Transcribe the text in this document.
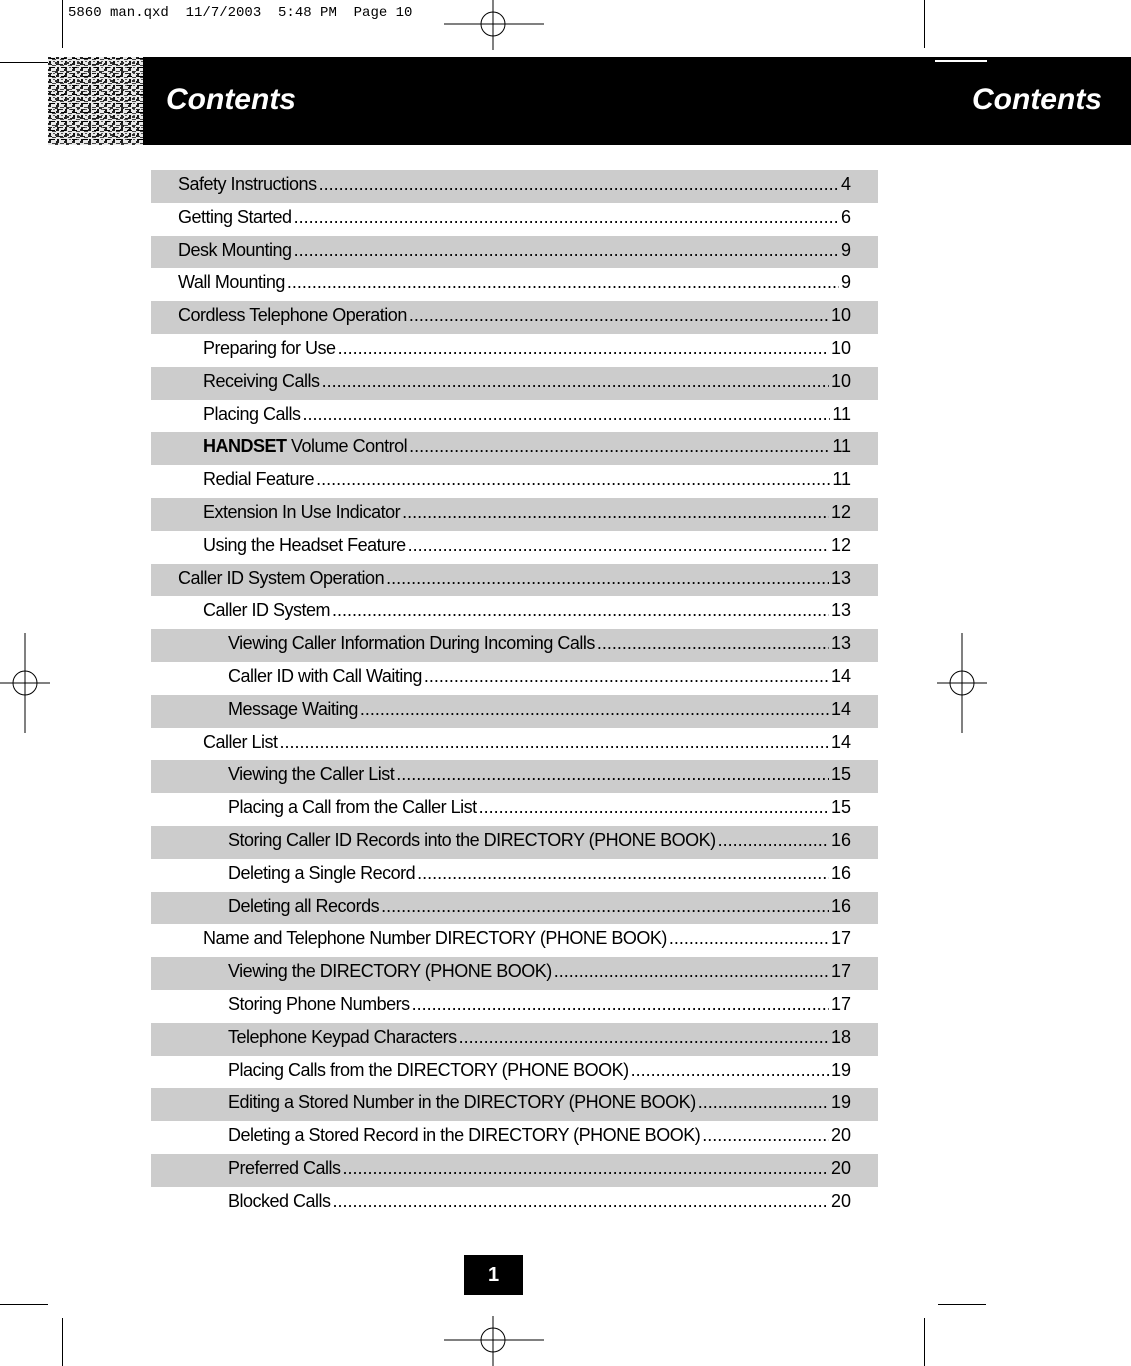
5860 man.qxd  11/7/2003  5:48 PM  Page 10
Contents	Contents
Safety Instructions .....	4
Getting Started .....	6
Desk Mounting .....	9
Wall Mounting .....	9
Cordless Telephone Operation .....	10
Preparing for Use .....	10
Receiving Calls .....	10
Placing Calls .....	11
HANDSET Volume Control .....	11
Redial Feature .....	11
Extension In Use Indicator .....	12
Using the Headset Feature .....	12
Caller ID System Operation .....	13
Caller ID System .....	13
Viewing Caller Information During Incoming Calls .....	13
Caller ID with Call Waiting .....	14
Message Waiting .....	14
Caller List .....	14
Viewing the Caller List .....	15
Placing a Call from the Caller List .....	15
Storing Caller ID Records into the DIRECTORY (PHONE BOOK) .....	16
Deleting a Single Record .....	16
Deleting all Records .....	16
Name and Telephone Number DIRECTORY (PHONE BOOK) .....	17
Viewing the DIRECTORY (PHONE BOOK) .....	17
Storing Phone Numbers .....	17
Telephone Keypad Characters .....	18
Placing Calls from the DIRECTORY (PHONE BOOK) .....	19
Editing a Stored Number in the DIRECTORY (PHONE BOOK) .....	19
Deleting a Stored Record in the DIRECTORY (PHONE BOOK) .....	20
Preferred Calls .....	20
Blocked Calls .....	20
1
